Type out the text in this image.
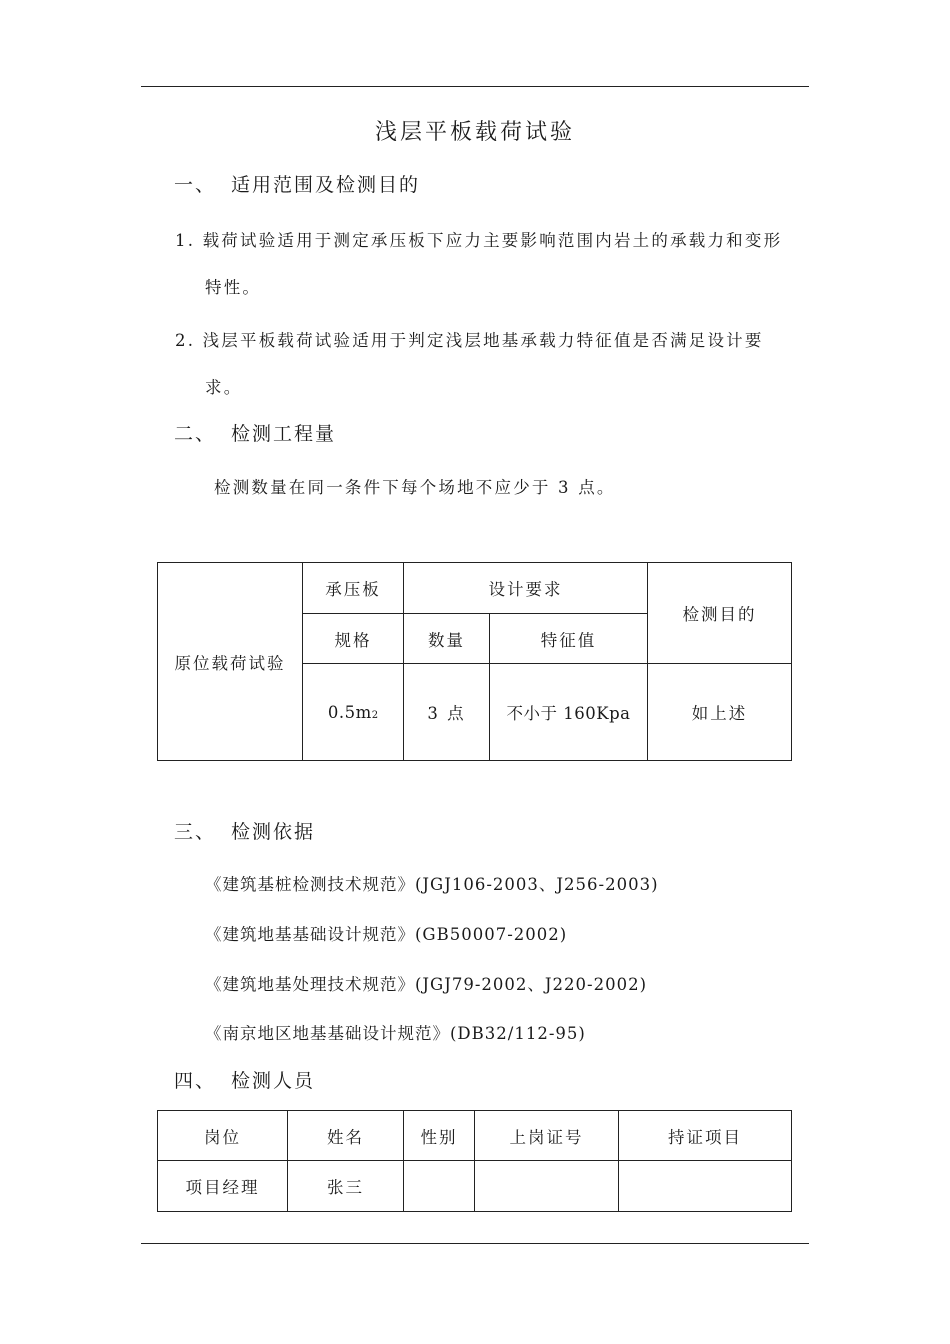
浅层平板载荷试验
一、 适用范围及检测目的
1. 载荷试验适用于测定承压板下应力主要影响范围内岩土的承载力和变形
特性。
2. 浅层平板载荷试验适用于判定浅层地基承载力特征值是否满足设计要
求。
二、 检测工程量
检测数量在同一条件下每个场地不应少于 3 点。
原位载荷试验	承压板	设计要求		检测目的
	规格	数量	特征值	
	0.5m2	3 点	不小于 160Kpa	如上述
三、 检测依据
《建筑基桩检测技术规范》(JGJ106-2003、J256-2003)
《建筑地基基础设计规范》(GB50007-2002)
《建筑地基处理技术规范》(JGJ79-2002、J220-2002)
《南京地区地基基础设计规范》(DB32/112-95)
四、 检测人员
岗位	姓名	性别	上岗证号	持证项目
项目经理	张三			
